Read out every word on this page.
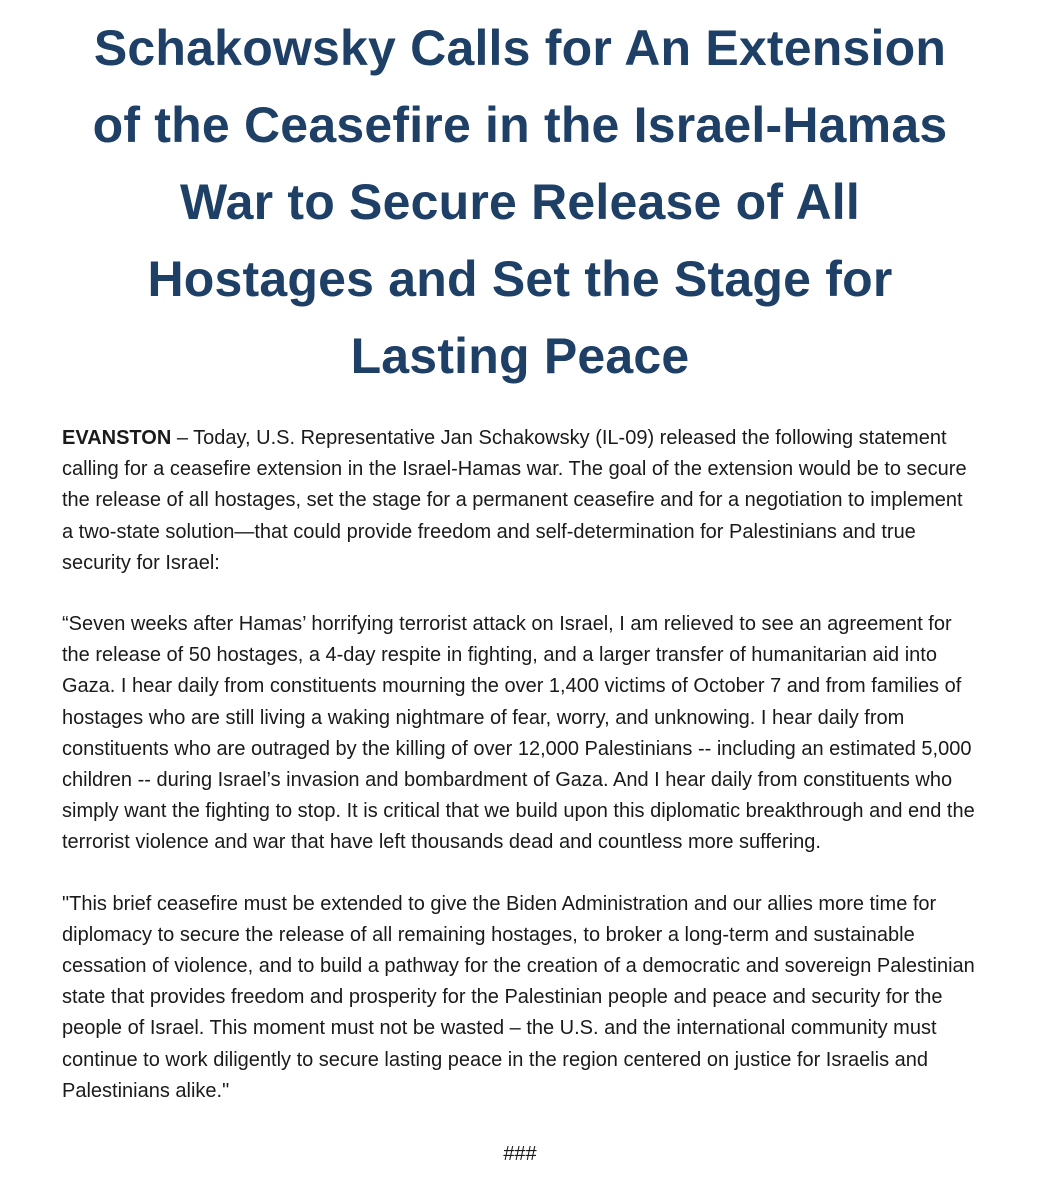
Schakowsky Calls for An Extension of the Ceasefire in the Israel-Hamas War to Secure Release of All Hostages and Set the Stage for Lasting Peace

EVANSTON – Today, U.S. Representative Jan Schakowsky (IL-09) released the following statement calling for a ceasefire extension in the Israel-Hamas war. The goal of the extension would be to secure the release of all hostages, set the stage for a permanent ceasefire and for a negotiation to implement a two-state solution—that could provide freedom and self-determination for Palestinians and true security for Israel:

“Seven weeks after Hamas’ horrifying terrorist attack on Israel, I am relieved to see an agreement for the release of 50 hostages, a 4-day respite in fighting, and a larger transfer of humanitarian aid into Gaza. I hear daily from constituents mourning the over 1,400 victims of October 7 and from families of hostages who are still living a waking nightmare of fear, worry, and unknowing. I hear daily from constituents who are outraged by the killing of over 12,000 Palestinians -- including an estimated 5,000 children -- during Israel’s invasion and bombardment of Gaza. And I hear daily from constituents who simply want the fighting to stop. It is critical that we build upon this diplomatic breakthrough and end the terrorist violence and war that have left thousands dead and countless more suffering.

"This brief ceasefire must be extended to give the Biden Administration and our allies more time for diplomacy to secure the release of all remaining hostages, to broker a long-term and sustainable cessation of violence, and to build a pathway for the creation of a democratic and sovereign Palestinian state that provides freedom and prosperity for the Palestinian people and peace and security for the people of Israel. This moment must not be wasted – the U.S. and the international community must continue to work diligently to secure lasting peace in the region centered on justice for Israelis and Palestinians alike."

###
